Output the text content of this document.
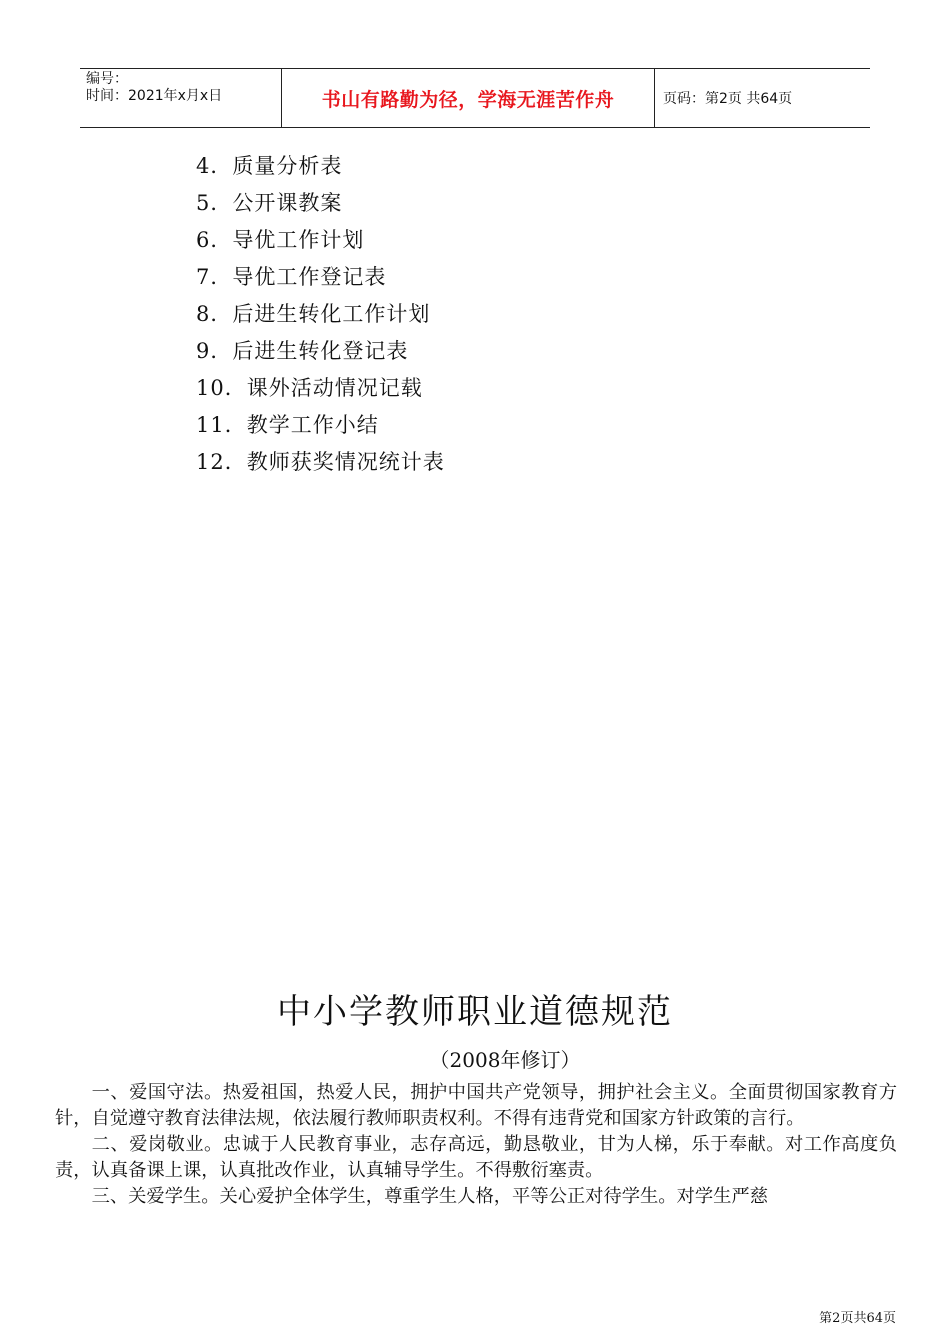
编号：
时间：2021年x月x日	书山有路勤为径，学海无涯苦作舟	页码：第2页 共64页
4．质量分析表
5．公开课教案
6．导优工作计划
7．导优工作登记表
8．后进生转化工作计划
9．后进生转化登记表
10．课外活动情况记载
11．教学工作小结
12．教师获奖情况统计表
中小学教师职业道德规范
（2008年修订）

一、爱国守法。热爱祖国，热爱人民，拥护中国共产党领导，拥护社会主义。全面贯彻国家教育方针，自觉遵守教育法律法规，依法履行教师职责权利。不得有违背党和国家方针政策的言行。

二、爱岗敬业。忠诚于人民教育事业，志存高远，勤恳敬业，甘为人梯，乐于奉献。对工作高度负责，认真备课上课，认真批改作业，认真辅导学生。不得敷衍塞责。

三、关爱学生。关心爱护全体学生，尊重学生人格，平等公正对待学生。对学生严慈

第2页共64页
